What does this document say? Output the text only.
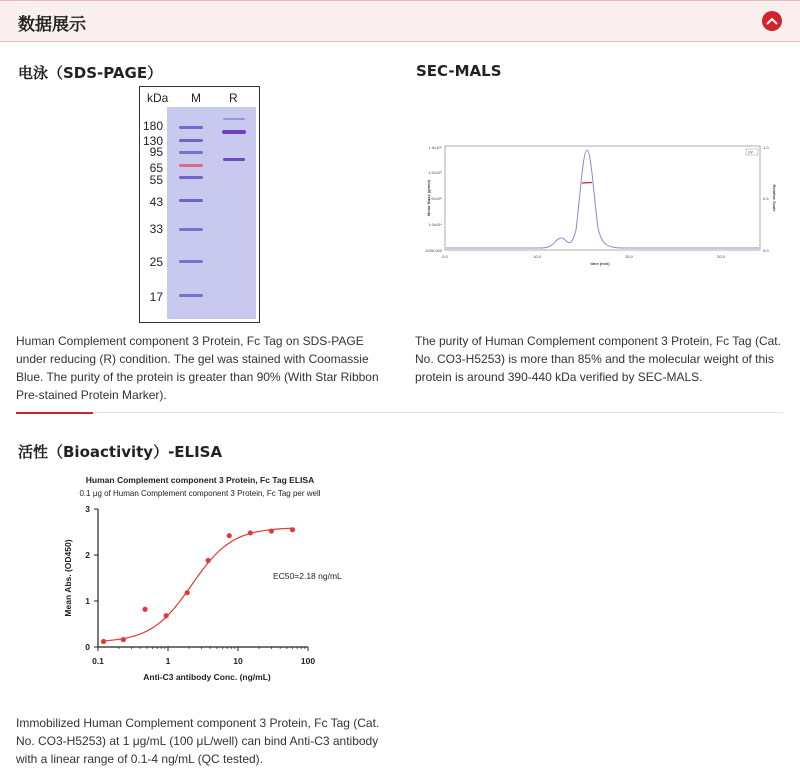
数据展示
电泳（SDS-PAGE）
kDa M R
180
130
95
65
55
43
33
25
17
Human Complement component 3 Protein, Fc Tag on SDS-PAGE under reducing (R) condition. The gel was stained with Coomassie Blue. The purity of the protein is greater than 90% (With Star Ribbon Pre-stained Protein Marker).
SEC-MALS
1.0x10⁷
1.0x10⁶
1.0x10⁵
1.0x10⁴
1000.000
1.0
0.5
0.0
5.0	10.0	15.0	20.0
time (min)
Molar Mass (g/mol)	Relative Scale
UV
The purity of Human Complement component 3 Protein, Fc Tag (Cat. No. CO3-H5253) is more than 85% and the molecular weight of this protein is around 390-440 kDa verified by SEC-MALS.
活性（Bioactivity）-ELISA
Human Complement component 3 Protein, Fc Tag ELISA
0.1 μg of Human Complement component 3 Protein, Fc Tag per well
0.1	1	10	100
0
1
2
3
EC50=2.18 ng/mL
Anti-C3 antibody Conc. (ng/mL)
Mean Abs. (OD450)
Immobilized Human Complement component 3 Protein, Fc Tag (Cat. No. CO3-H5253) at 1 μg/mL (100 μL/well) can bind Anti-C3 antibody with a linear range of 0.1-4 ng/mL (QC tested).
